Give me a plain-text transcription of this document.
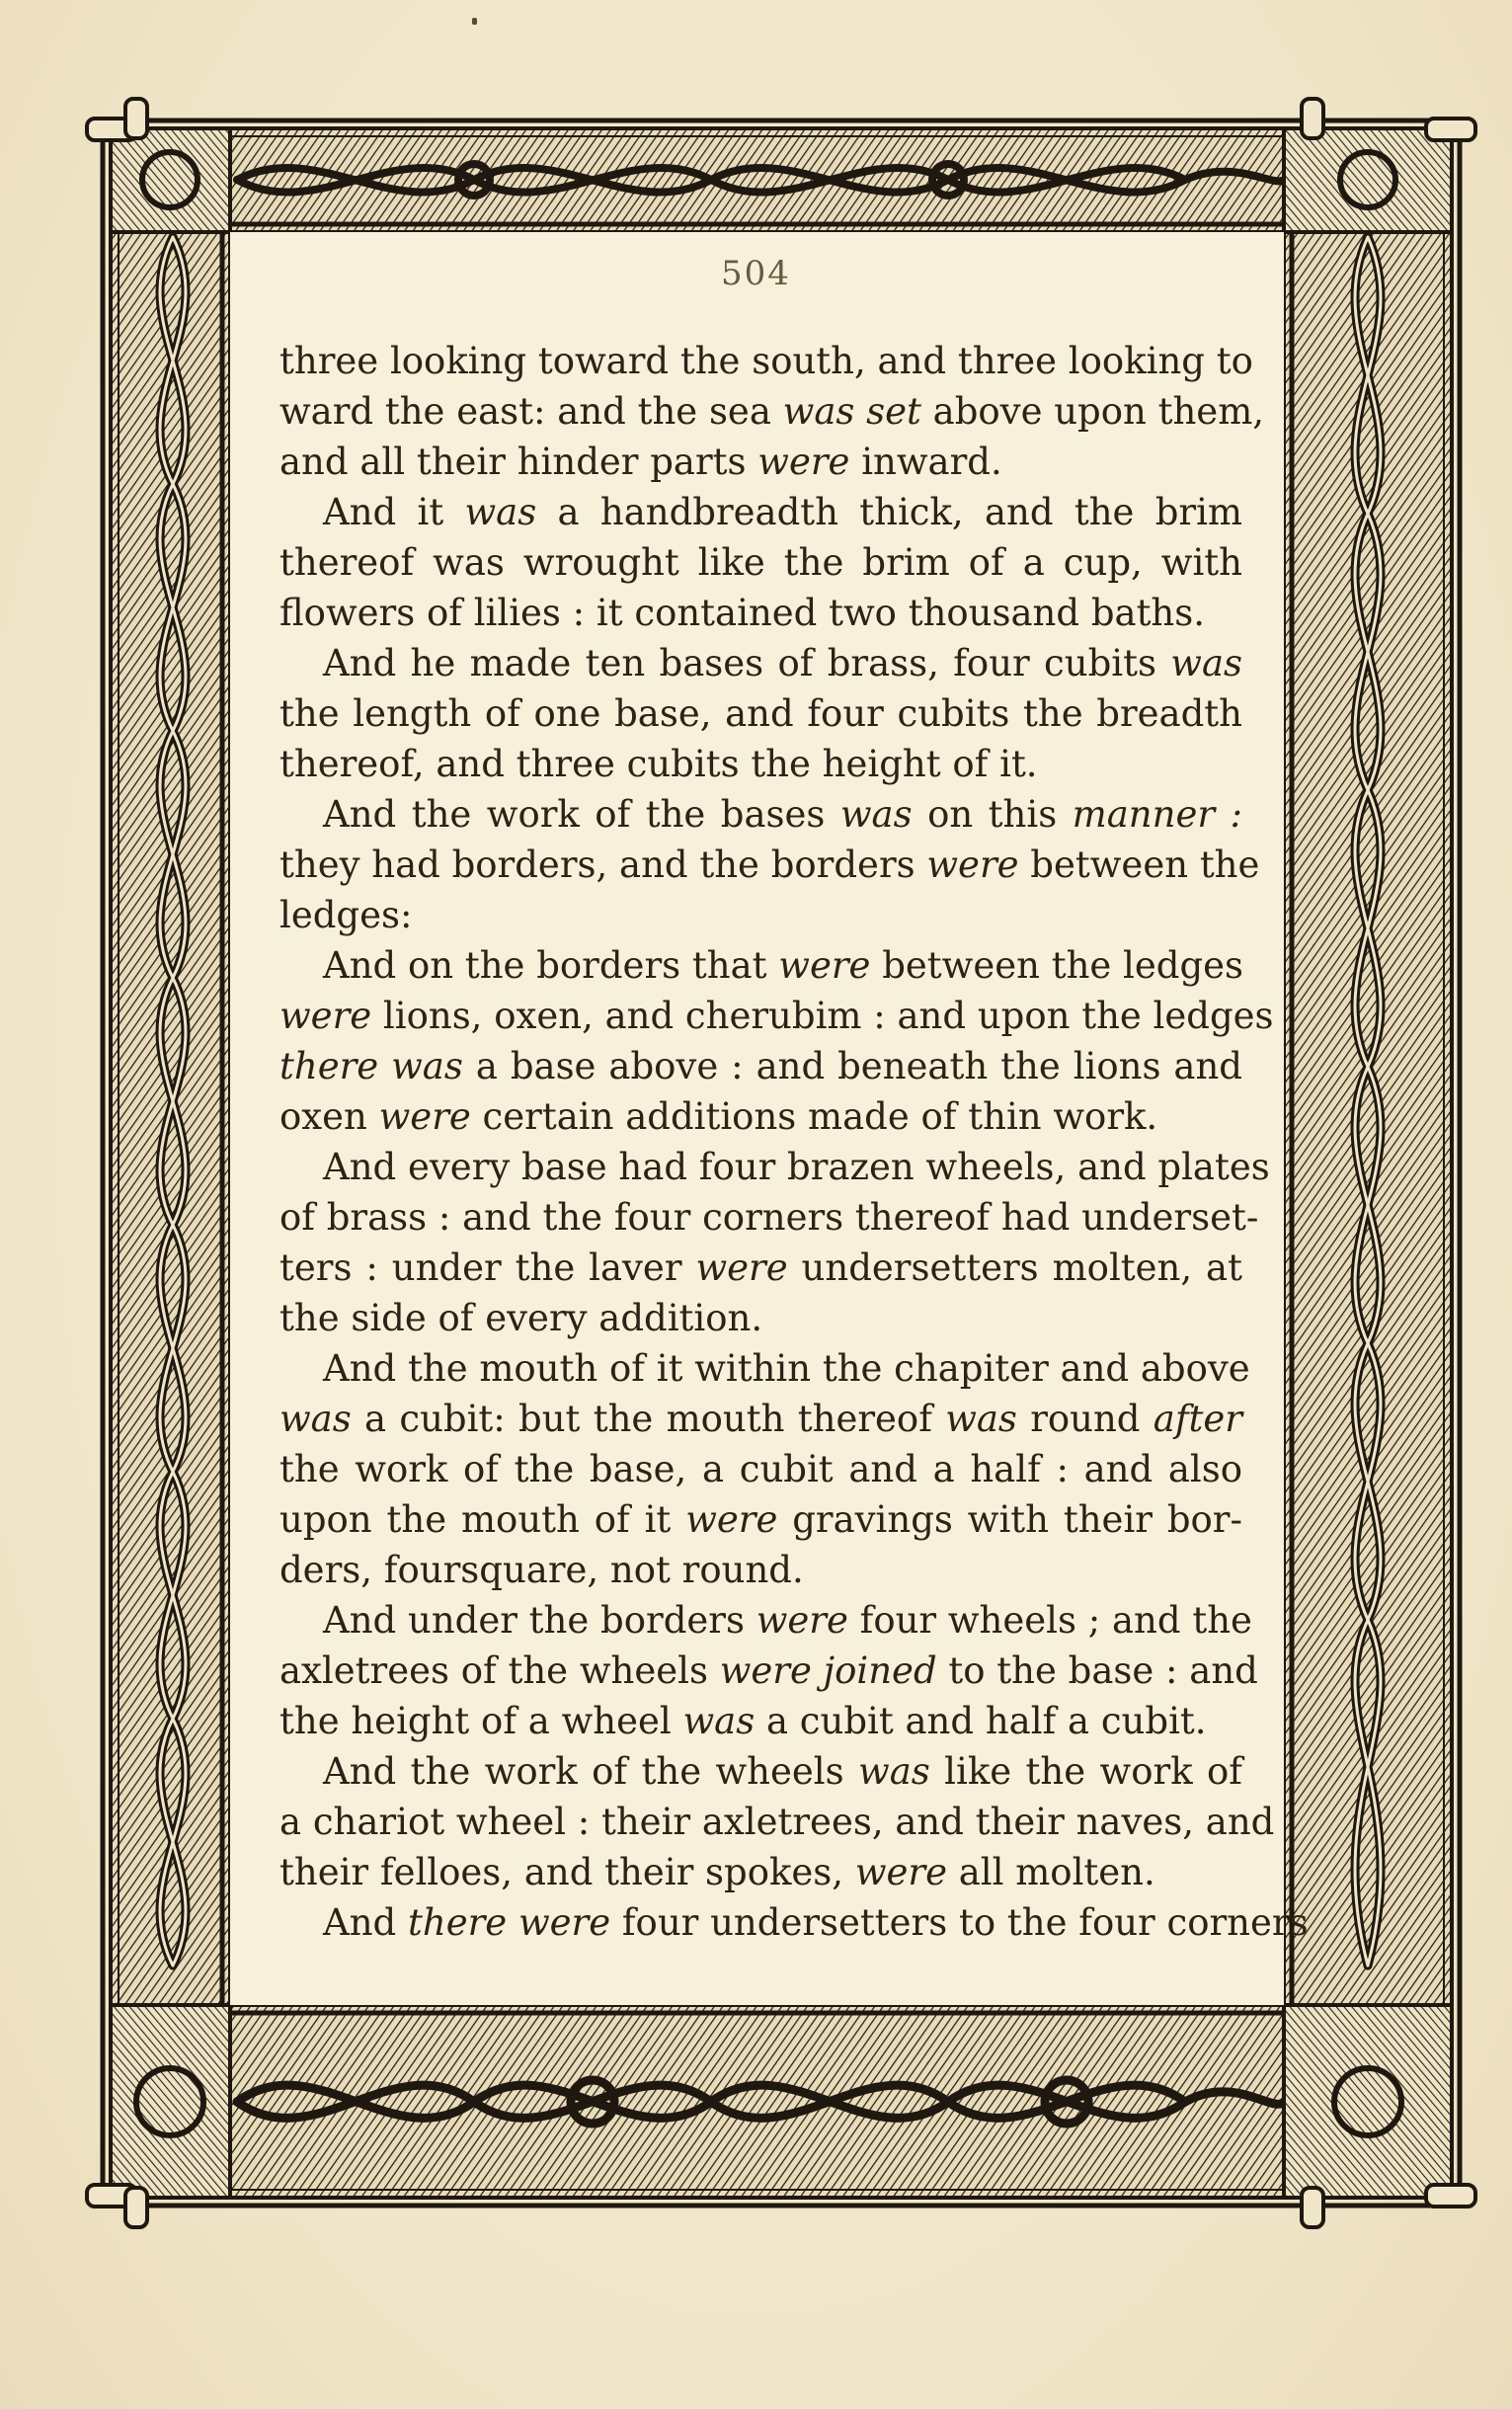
504
three looking toward the south, and three looking to
ward the east: and the sea was set above upon them,
and all their hinder parts were inward.
And it was a handbreadth thick, and the brim
thereof was wrought like the brim of a cup, with
flowers of lilies : it contained two thousand baths.
And he made ten bases of brass, four cubits was
the length of one base, and four cubits the breadth
thereof, and three cubits the height of it.
And the work of the bases was on this manner :
they had borders, and the borders were between the
ledges:
And on the borders that were between the ledges
were lions, oxen, and cherubim : and upon the ledges
there was a base above : and beneath the lions and
oxen were certain additions made of thin work.
And every base had four brazen wheels, and plates
of brass : and the four corners thereof had underset-
ters : under the laver were undersetters molten, at
the side of every addition.
And the mouth of it within the chapiter and above
was a cubit: but the mouth thereof was round after
the work of the base, a cubit and a half : and also
upon the mouth of it were gravings with their bor-
ders, foursquare, not round.
And under the borders were four wheels ; and the
axletrees of the wheels were joined to the base : and
the height of a wheel was a cubit and half a cubit.
And the work of the wheels was like the work of
a chariot wheel : their axletrees, and their naves, and
their felloes, and their spokes, were all molten.
And there were four undersetters to the four corners
